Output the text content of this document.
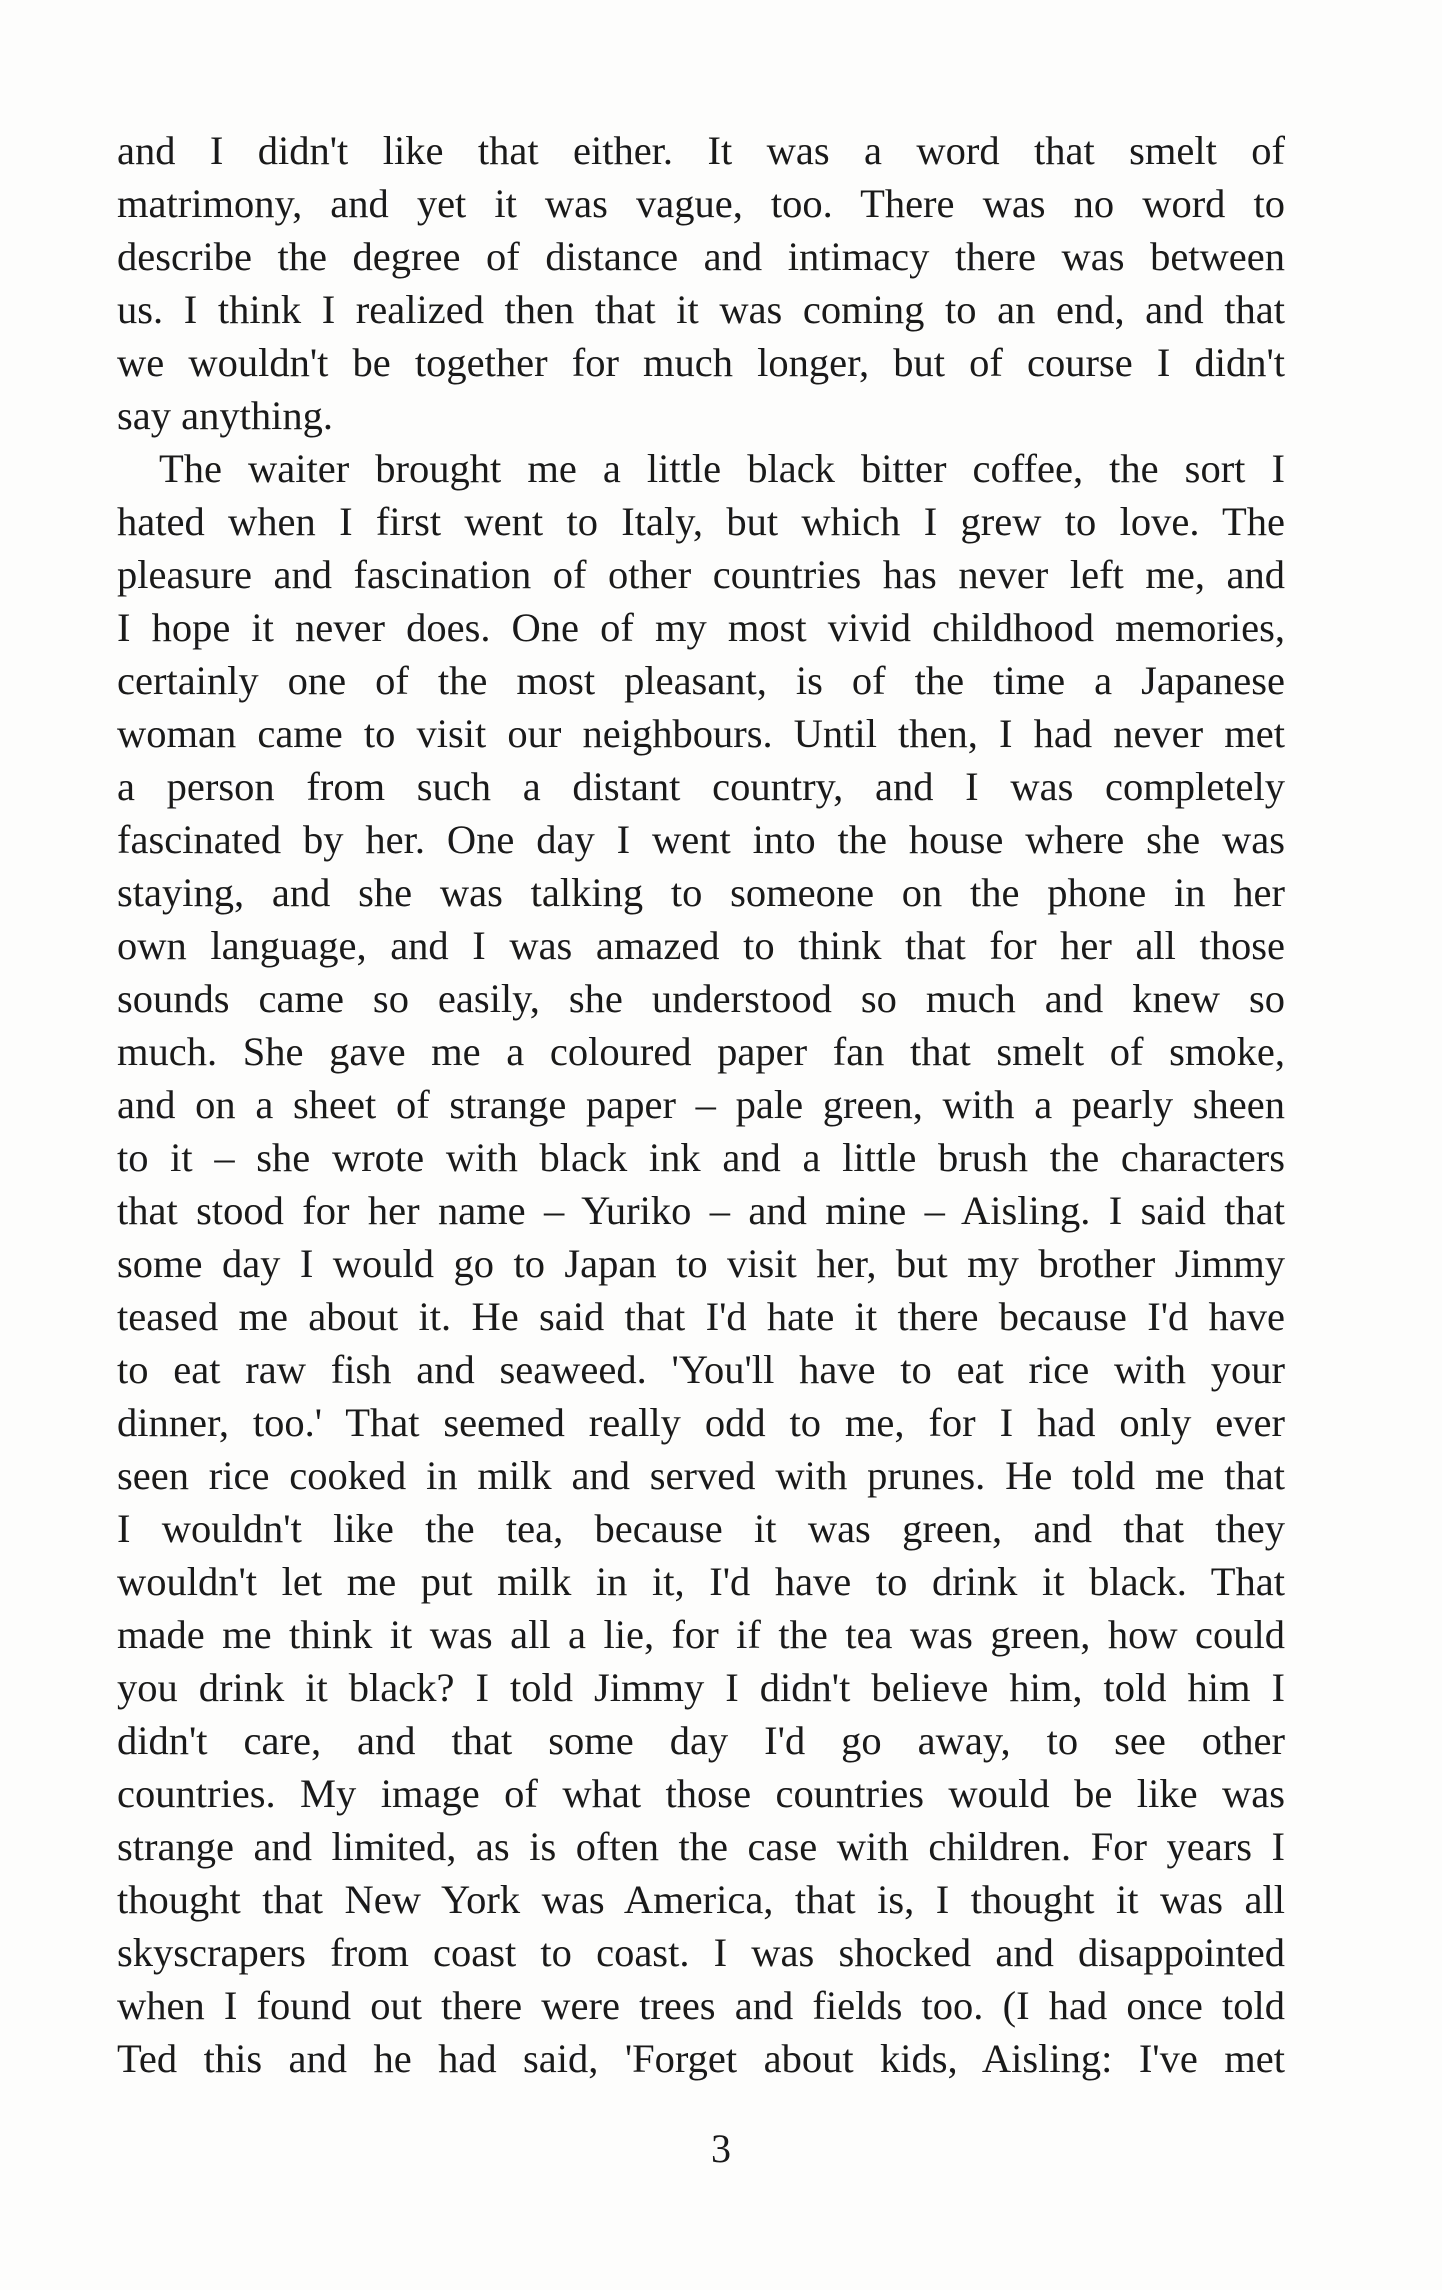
and I didn't like that either. It was a word that smelt of
matrimony, and yet it was vague, too. There was no word to
describe the degree of distance and intimacy there was between
us. I think I realized then that it was coming to an end, and that
we wouldn't be together for much longer, but of course I didn't
say anything.
The waiter brought me a little black bitter coffee, the sort I
hated when I first went to Italy, but which I grew to love. The
pleasure and fascination of other countries has never left me, and
I hope it never does. One of my most vivid childhood memories,
certainly one of the most pleasant, is of the time a Japanese
woman came to visit our neighbours. Until then, I had never met
a person from such a distant country, and I was completely
fascinated by her. One day I went into the house where she was
staying, and she was talking to someone on the phone in her
own language, and I was amazed to think that for her all those
sounds came so easily, she understood so much and knew so
much. She gave me a coloured paper fan that smelt of smoke,
and on a sheet of strange paper – pale green, with a pearly sheen
to it – she wrote with black ink and a little brush the characters
that stood for her name – Yuriko – and mine – Aisling. I said that
some day I would go to Japan to visit her, but my brother Jimmy
teased me about it. He said that I'd hate it there because I'd have
to eat raw fish and seaweed. 'You'll have to eat rice with your
dinner, too.' That seemed really odd to me, for I had only ever
seen rice cooked in milk and served with prunes. He told me that
I wouldn't like the tea, because it was green, and that they
wouldn't let me put milk in it, I'd have to drink it black. That
made me think it was all a lie, for if the tea was green, how could
you drink it black? I told Jimmy I didn't believe him, told him I
didn't care, and that some day I'd go away, to see other
countries. My image of what those countries would be like was
strange and limited, as is often the case with children. For years I
thought that New York was America, that is, I thought it was all
skyscrapers from coast to coast. I was shocked and disappointed
when I found out there were trees and fields too. (I had once told
Ted this and he had said, 'Forget about kids, Aisling: I've met
3
